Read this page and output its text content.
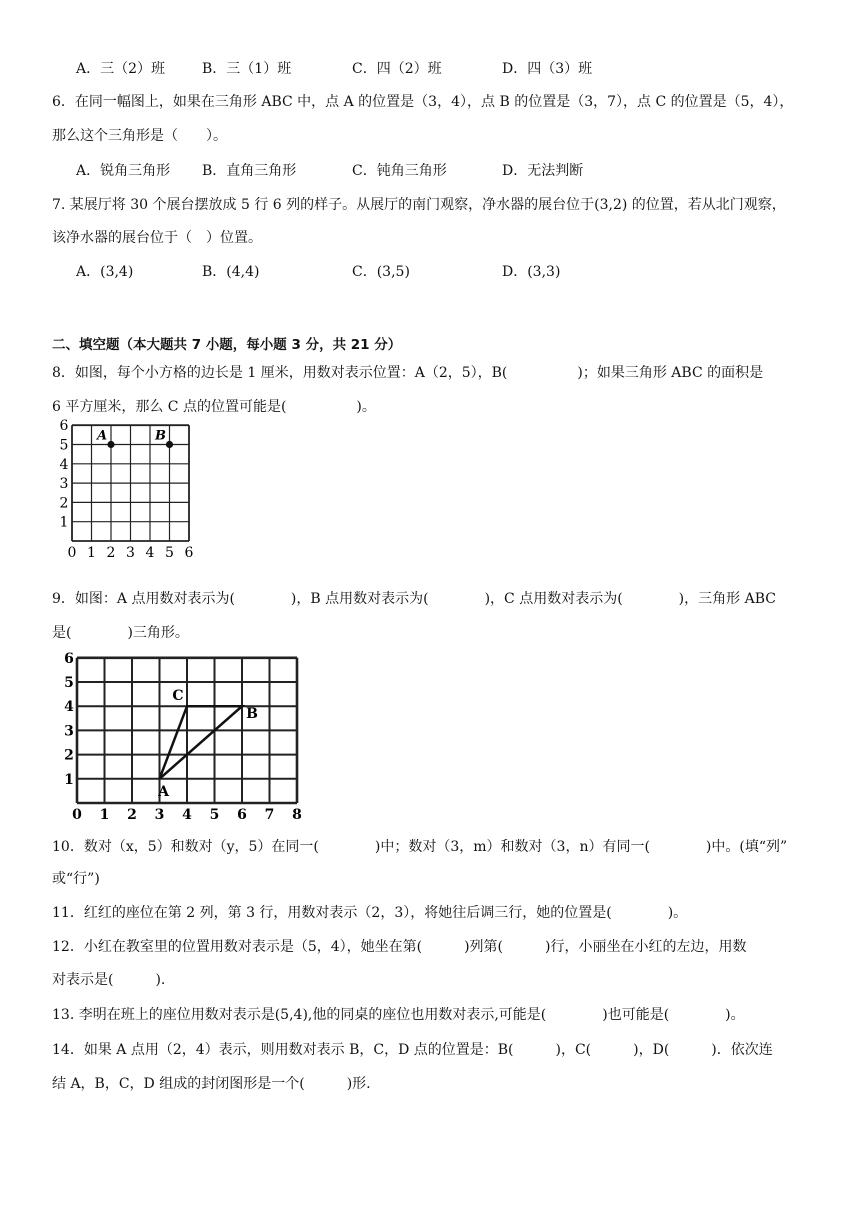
A．三（2）班	B．三（1）班	C．四（2）班	D．四（3）班
6．在同一幅图上，如果在三角形 ABC 中，点 A 的位置是（3，4），点 B 的位置是（3，7），点 C 的位置是（5，4），
那么这个三角形是（　　）。
A．锐角三角形 B．直角三角形	C．钝角三角形	D．无法判断
7. 某展厅将 30 个展台摆放成 5 行 6 列的样子。从展厅的南门观察，净水器的展台位于(3,2) 的位置，若从北门观察，
该净水器的展台位于（　）位置。
A．(3,4)	B．(4,4)	C．(3,5)	D．(3,3)
二、填空题（本大题共 7 小题，每小题 3 分，共 21 分）
8．如图，每个小方格的边长是 1 厘米，用数对表示位置：A（2，5），B(　　　　　)；如果三角形 ABC 的面积是
6 平方厘米，那么 C 点的位置可能是(　　　　　)。
0 1 2 3 4 5 6
1
2
3
4
5
6
A	B
9．如图：A 点用数对表示为(　　　　)，B 点用数对表示为(　　　　)，C 点用数对表示为(　　　　)，三角形 ABC
是(　　　　)三角形。
0 1 2 3 4 5 6 7 8
1
2
3
4
5
6
A
B
C
10．数对（x，5）和数对（y，5）在同一(　　　　)中；数对（3，m）和数对（3，n）有同一(　　　　)中。(填“列”
或“行”)
11．红红的座位在第 2 列，第 3 行，用数对表示（2，3），将她往后调三行，她的位置是(　　　　)。
12．小红在教室里的位置用数对表示是（5，4），她坐在第(　　　)列第(　　　)行，小丽坐在小红的左边，用数
对表示是(　　　).
13. 李明在班上的座位用数对表示是(5,4),他的同桌的座位也用数对表示,可能是(　　　　)也可能是(　　　　)。
14．如果 A 点用（2，4）表示，则用数对表示 B，C，D 点的位置是：B(　　　)，C(　　　)，D(　　　)．依次连
结 A，B，C，D 组成的封闭图形是一个(　　　)形.
